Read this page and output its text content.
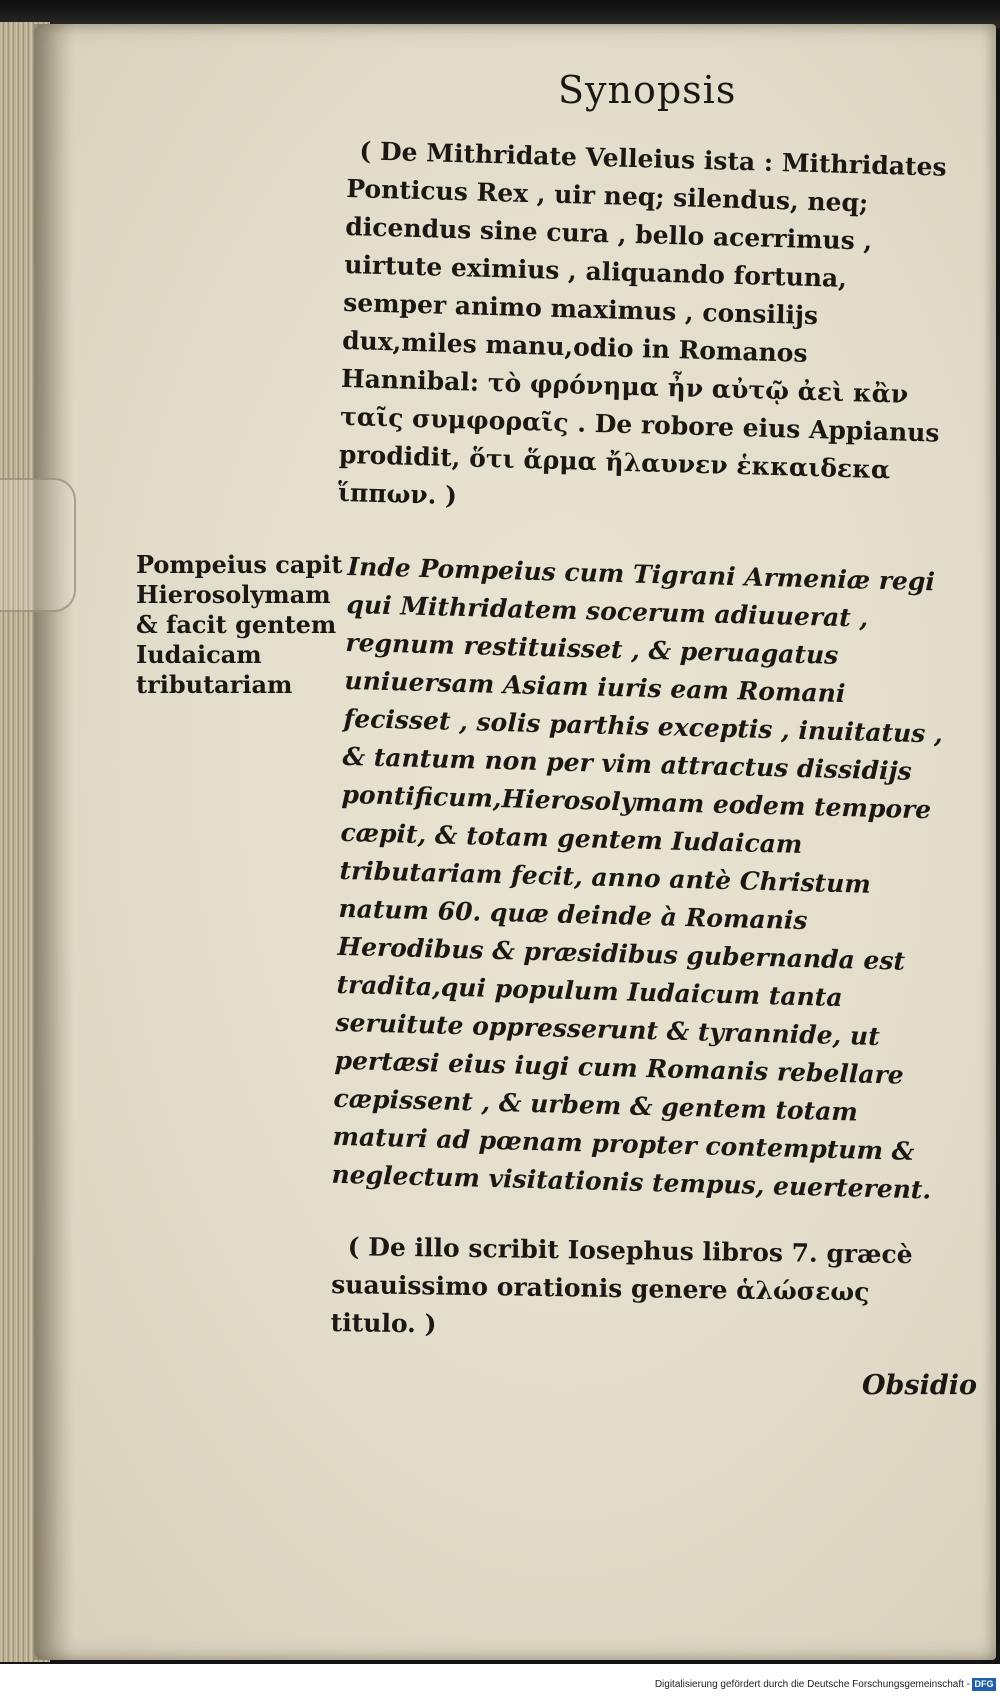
Synopsis

( De Mithridate Velleius ista : Mithridates Ponticus Rex , uir neq; silendus, neq; dicendus sine cura , bello acerrimus , uirtute eximius , aliquando fortuna, semper animo maximus , consilijs dux,miles manu,odio in Romanos Hannibal: τὸ φρόνημα ἦν αὐτῷ ἀεὶ κἂν ταῖς συμφοραῖς . De robore eius Appianus prodidit, ὅτι ἅρμα ἤλαυνεν ἑκκαιδεκα ἵππων. )

Pompeius capit Hierosolymam & facit gentem Iudaicam tributariam

Inde Pompeius cum Tigrani Armeniæ regi qui Mithridatem socerum adiuuerat , regnum restituisset , & peruagatus uniuersam Asiam iuris eam Romani fecisset , solis parthis exceptis , inuitatus , & tantum non per vim attractus dissidijs pontificum,Hierosolymam eodem tempore cæpit, & totam gentem Iudaicam tributariam fecit, anno antè Christum natum 60. quæ deinde à Romanis Herodibus & præsidibus gubernanda est tradita,qui populum Iudaicum tanta seruitute oppresserunt & tyrannide, ut pertæsi eius iugi cum Romanis rebellare cæpissent , & urbem & gentem totam maturi ad pœnam propter contemptum & neglectum visitationis tempus, euerterent.

( De illo scribit Iosephus libros 7. græcè suauissimo orationis genere ἁλώσεως titulo. )

Obsidio
Digitalisierung gefördert durch die Deutsche Forschungsgemeinschaft - DFG
